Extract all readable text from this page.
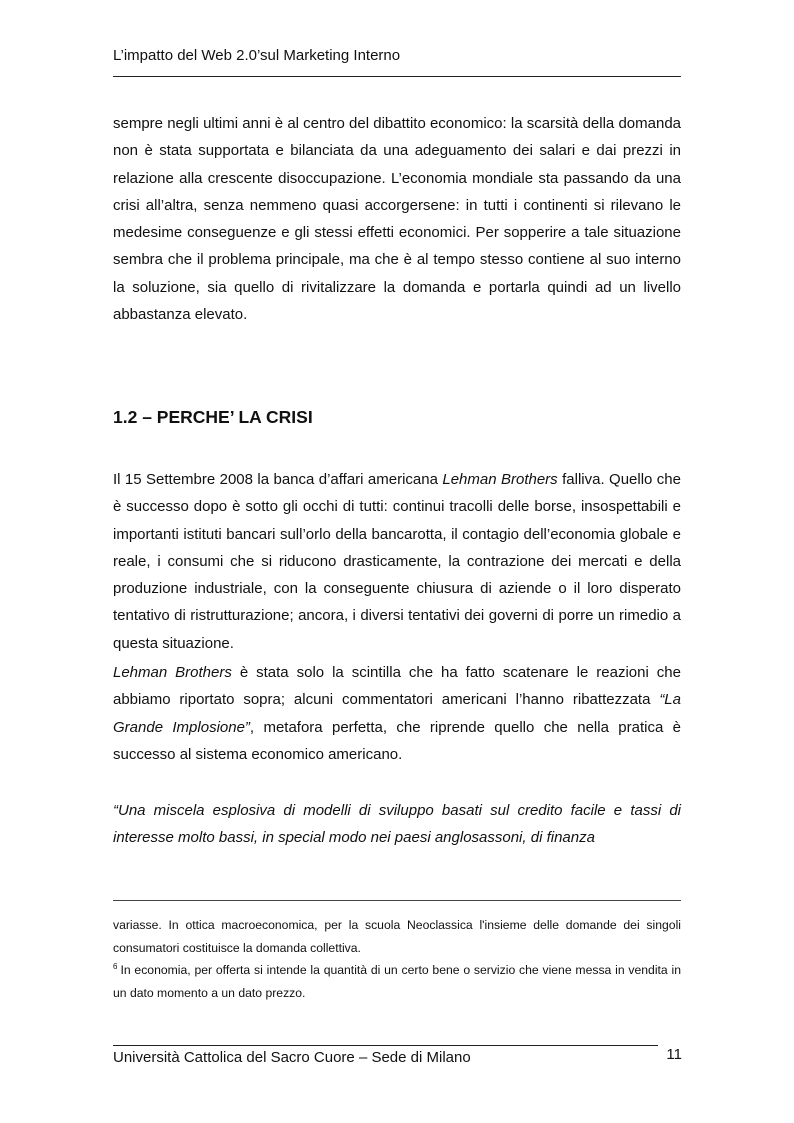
L’impatto del Web 2.0’sul Marketing Interno

sempre negli ultimi anni è al centro del dibattito economico: la scarsità della domanda non è stata supportata e bilanciata da una adeguamento dei salari e dai prezzi in relazione alla crescente disoccupazione. L’economia mondiale sta passando da una crisi all’altra, senza nemmeno quasi accorgersene: in tutti i continenti si rilevano le medesime conseguenze e gli stessi effetti economici. Per sopperire a tale situazione sembra che il problema principale, ma che è al tempo stesso contiene al suo interno la soluzione, sia quello di rivitalizzare la domanda e portarla quindi ad un livello abbastanza elevato.

1.2 – PERCHE’ LA CRISI

Il 15 Settembre 2008 la banca d’affari americana Lehman Brothers falliva. Quello che è successo dopo è sotto gli occhi di tutti: continui tracolli delle borse, insospettabili e importanti istituti bancari sull’orlo della bancarotta, il contagio dell’economia globale e reale, i consumi che si riducono drasticamente, la contrazione dei mercati e della produzione industriale, con la conseguente chiusura di aziende o il loro disperato tentativo di ristrutturazione; ancora, i diversi tentativi dei governi di porre un rimedio a questa situazione.

Lehman Brothers è stata solo la scintilla che ha fatto scatenare le reazioni che abbiamo riportato sopra; alcuni commentatori americani l’hanno ribattezzata “La Grande Implosione”, metafora perfetta, che riprende quello che nella pratica è successo al sistema economico americano.

“Una miscela esplosiva di modelli di sviluppo basati sul credito facile e tassi di interesse molto bassi, in special modo nei paesi anglosassoni, di finanza

variasse. In ottica macroeconomica, per la scuola Neoclassica l'insieme delle domande dei singoli consumatori costituisce la domanda collettiva.

$^6$ In economia, per offerta si intende la quantità di un certo bene o servizio che viene messa in vendita in un dato momento a un dato prezzo.

Università Cattolica del Sacro Cuore – Sede di Milano	11
